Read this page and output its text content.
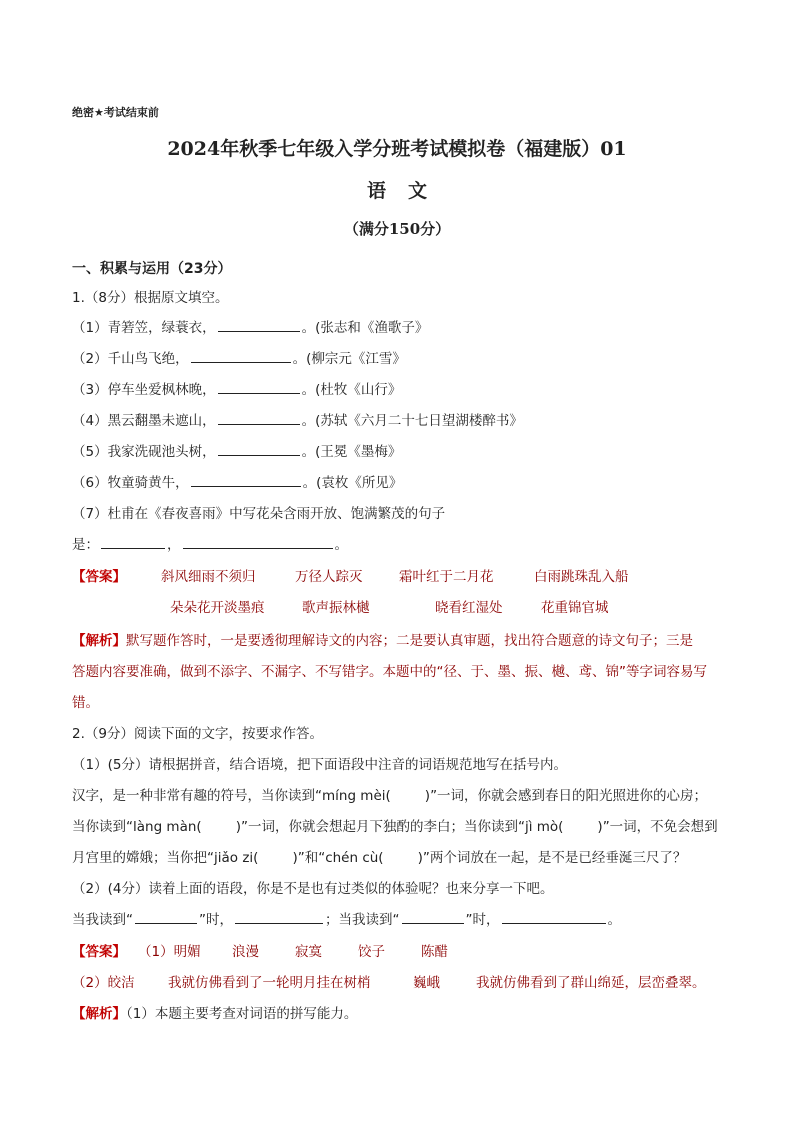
绝密★考试结束前
2024年秋季七年级入学分班考试模拟卷（福建版）01
语文
（满分150分）
一、积累与运用（23分）
1.（8分）根据原文填空。
（1）青箬笠，绿蓑衣，	。(张志和《渔歌子》
（2）千山鸟飞绝，	。(柳宗元《江雪》
（3）停车坐爱枫林晚，	。(杜牧《山行》
（4）黑云翻墨未遮山，	。(苏轼《六月二十七日望湖楼醉书》
（5）我家洗砚池头树，	。(王冕《墨梅》
（6）牧童骑黄牛，	。(袁枚《所见》
（7）杜甫在《春夜喜雨》中写花朵含雨开放、饱满繁茂的句子
是：	，	。
【答案】	斜风细雨不须归	万径人踪灭	霜叶红于二月花	白雨跳珠乱入船
朵朵花开淡墨痕	歌声振林樾	晓看红湿处	花重锦官城
【解析】默写题作答时，一是要透彻理解诗文的内容；二是要认真审题，找出符合题意的诗文句子；三是
答题内容要准确，做到不添字、不漏字、不写错字。本题中的“径、于、墨、振、樾、鸢、锦”等字词容易写
错。
2.（9分）阅读下面的文字，按要求作答。
（1）(5分）请根据拼音，结合语境，把下面语段中注音的词语规范地写在括号内。
汉字，是一种非常有趣的符号，当你读到“míng mèi(	)”一词，你就会感到春日的阳光照进你的心房；
当你读到“làng màn(	)”一词，你就会想起月下独酌的李白；当你读到“jì mò(	)”一词，不免会想到
月宫里的嫦娥；当你把“jiǎo zi(	)”和“chén cù(	)”两个词放在一起，是不是已经垂涎三尺了？
（2）(4分）读着上面的语段，你是不是也有过类似的体验呢？也来分享一下吧。
当我读到“	”时，	；当我读到“	”时，	。
【答案】 （1）明媚 浪漫	寂寞	饺子	陈醋
（2）皎洁 我就仿佛看到了一轮明月挂在树梢	巍峨	我就仿佛看到了群山绵延，层峦叠翠。
【解析】（1）本题主要考查对词语的拼写能力。
